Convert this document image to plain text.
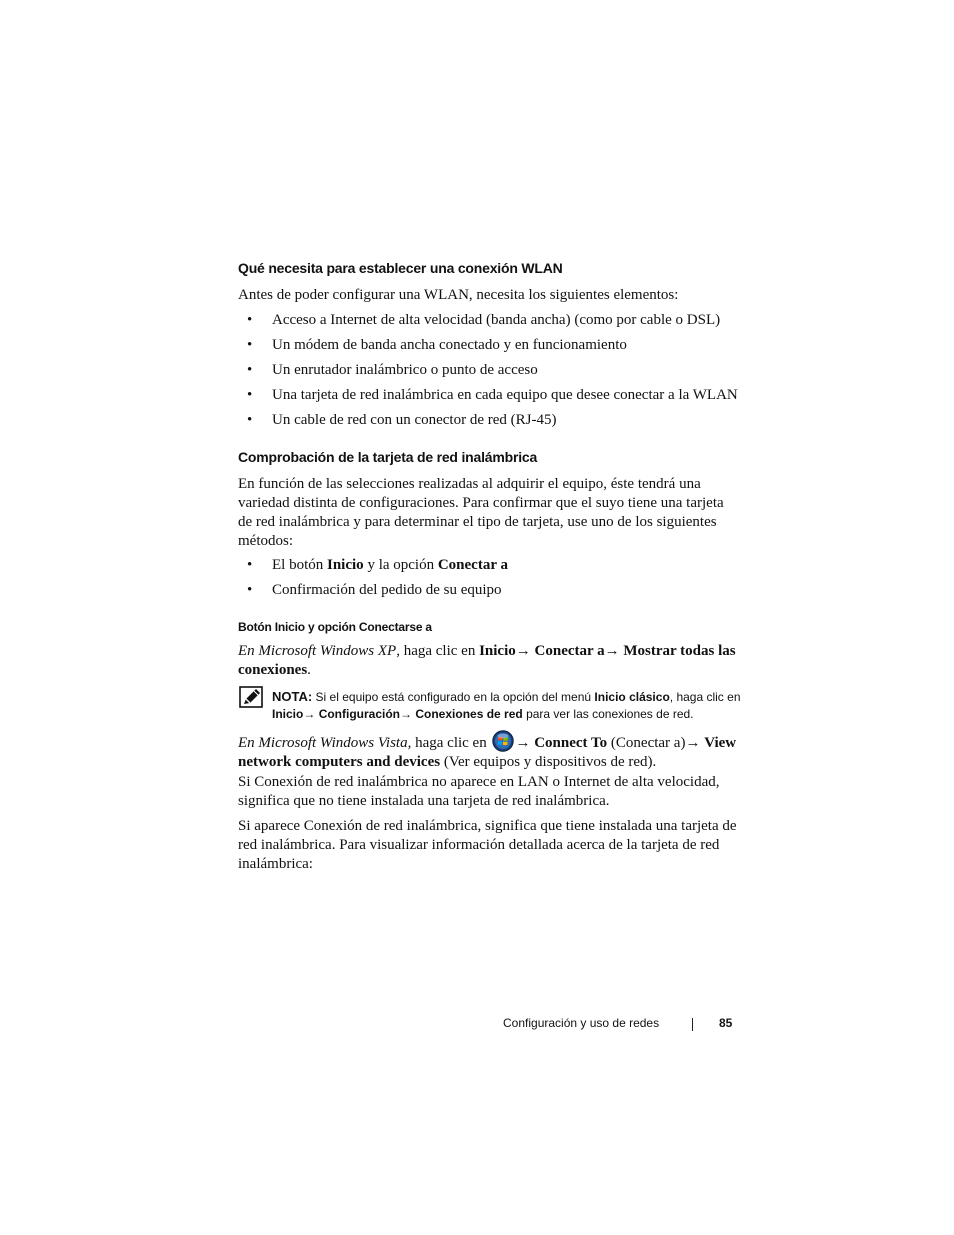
Qué necesita para establecer una conexión WLAN
Antes de poder configurar una WLAN, necesita los siguientes elementos:
• Acceso a Internet de alta velocidad (banda ancha) (como por cable o DSL)
• Un módem de banda ancha conectado y en funcionamiento
• Un enrutador inalámbrico o punto de acceso
• Una tarjeta de red inalámbrica en cada equipo que desee conectar a la WLAN
• Un cable de red con un conector de red (RJ-45)
Comprobación de la tarjeta de red inalámbrica
En función de las selecciones realizadas al adquirir el equipo, éste tendrá una variedad distinta de configuraciones. Para confirmar que el suyo tiene una tarjeta de red inalámbrica y para determinar el tipo de tarjeta, use uno de los siguientes métodos:
• El botón Inicio y la opción Conectar a
• Confirmación del pedido de su equipo
Botón Inicio y opción Conectarse a
En Microsoft Windows XP, haga clic en Inicio→ Conectar a→ Mostrar todas las conexiones.
NOTA: Si el equipo está configurado en la opción del menú Inicio clásico, haga clic en Inicio→ Configuración→ Conexiones de red para ver las conexiones de red.
En Microsoft Windows Vista, haga clic en → Connect To (Conectar a)→ View network computers and devices (Ver equipos y dispositivos de red).
Si Conexión de red inalámbrica no aparece en LAN o Internet de alta velocidad, significa que no tiene instalada una tarjeta de red inalámbrica.
Si aparece Conexión de red inalámbrica, significa que tiene instalada una tarjeta de red inalámbrica. Para visualizar información detallada acerca de la tarjeta de red inalámbrica:
Configuración y uso de redes	85
